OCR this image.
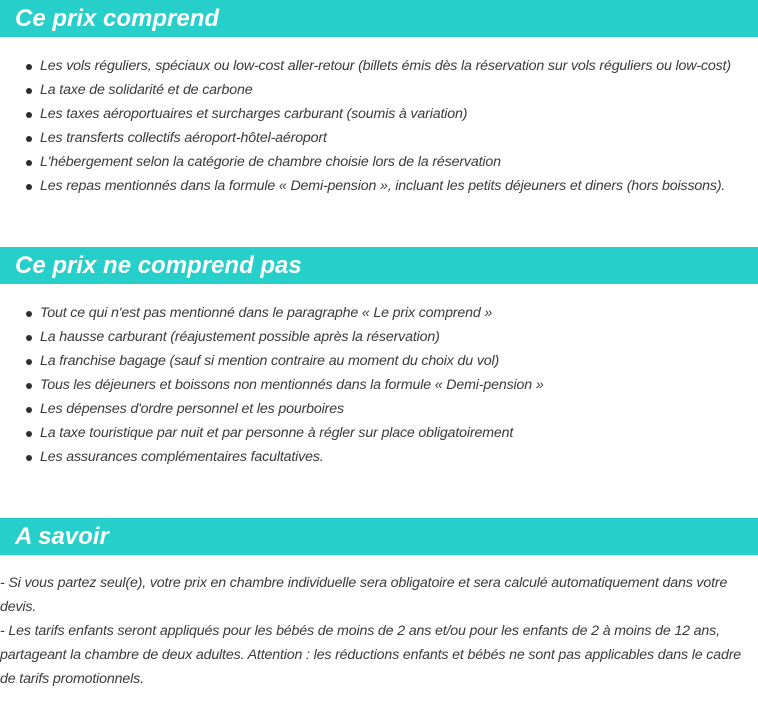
Ce prix comprend
Les vols réguliers, spéciaux ou low-cost aller-retour (billets émis dès la réservation sur vols réguliers ou low-cost)
La taxe de solidarité et de carbone
Les taxes aéroportuaires et surcharges carburant (soumis à variation)
Les transferts collectifs aéroport-hôtel-aéroport
L'hébergement selon la catégorie de chambre choisie lors de la réservation
Les repas mentionnés dans la formule « Demi-pension », incluant les petits déjeuners et diners (hors boissons).
Ce prix ne comprend pas
Tout ce qui n'est pas mentionné dans le paragraphe « Le prix comprend »
La hausse carburant (réajustement possible après la réservation)
La franchise bagage (sauf si mention contraire au moment du choix du vol)
Tous les déjeuners et boissons non mentionnés dans la formule « Demi-pension »
Les dépenses d'ordre personnel et les pourboires
La taxe touristique par nuit et par personne à régler sur place obligatoirement
Les assurances complémentaires facultatives.
A savoir

- Si vous partez seul(e), votre prix en chambre individuelle sera obligatoire et sera calculé automatiquement dans votre devis.

- Les tarifs enfants seront appliqués pour les bébés de moins de 2 ans et/ou pour les enfants de 2 à moins de 12 ans, partageant la chambre de deux adultes. Attention : les réductions enfants et bébés ne sont pas applicables dans le cadre de tarifs promotionnels.
